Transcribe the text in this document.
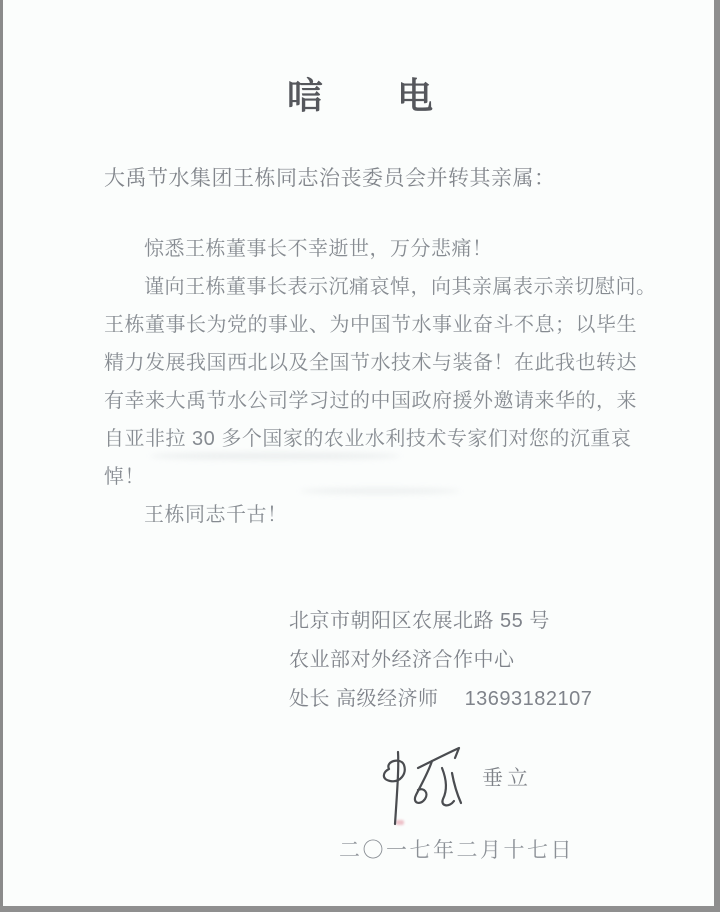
唁 电
大禹节水集团王栋同志治丧委员会并转其亲属：
惊悉王栋董事长不幸逝世，万分悲痛！
谨向王栋董事长表示沉痛哀悼，向其亲属表示亲切慰问。
王栋董事长为党的事业、为中国节水事业奋斗不息；以毕生
精力发展我国西北以及全国节水技术与装备！在此我也转达
有幸来大禹节水公司学习过的中国政府援外邀请来华的，来
自亚非拉 30 多个国家的农业水利技术专家们对您的沉重哀
悼！
王栋同志千古！
北京市朝阳区农展北路 55 号
农业部对外经济合作中心
处长 高级经济师 13693182107
垂立
二〇一七年二月十七日
